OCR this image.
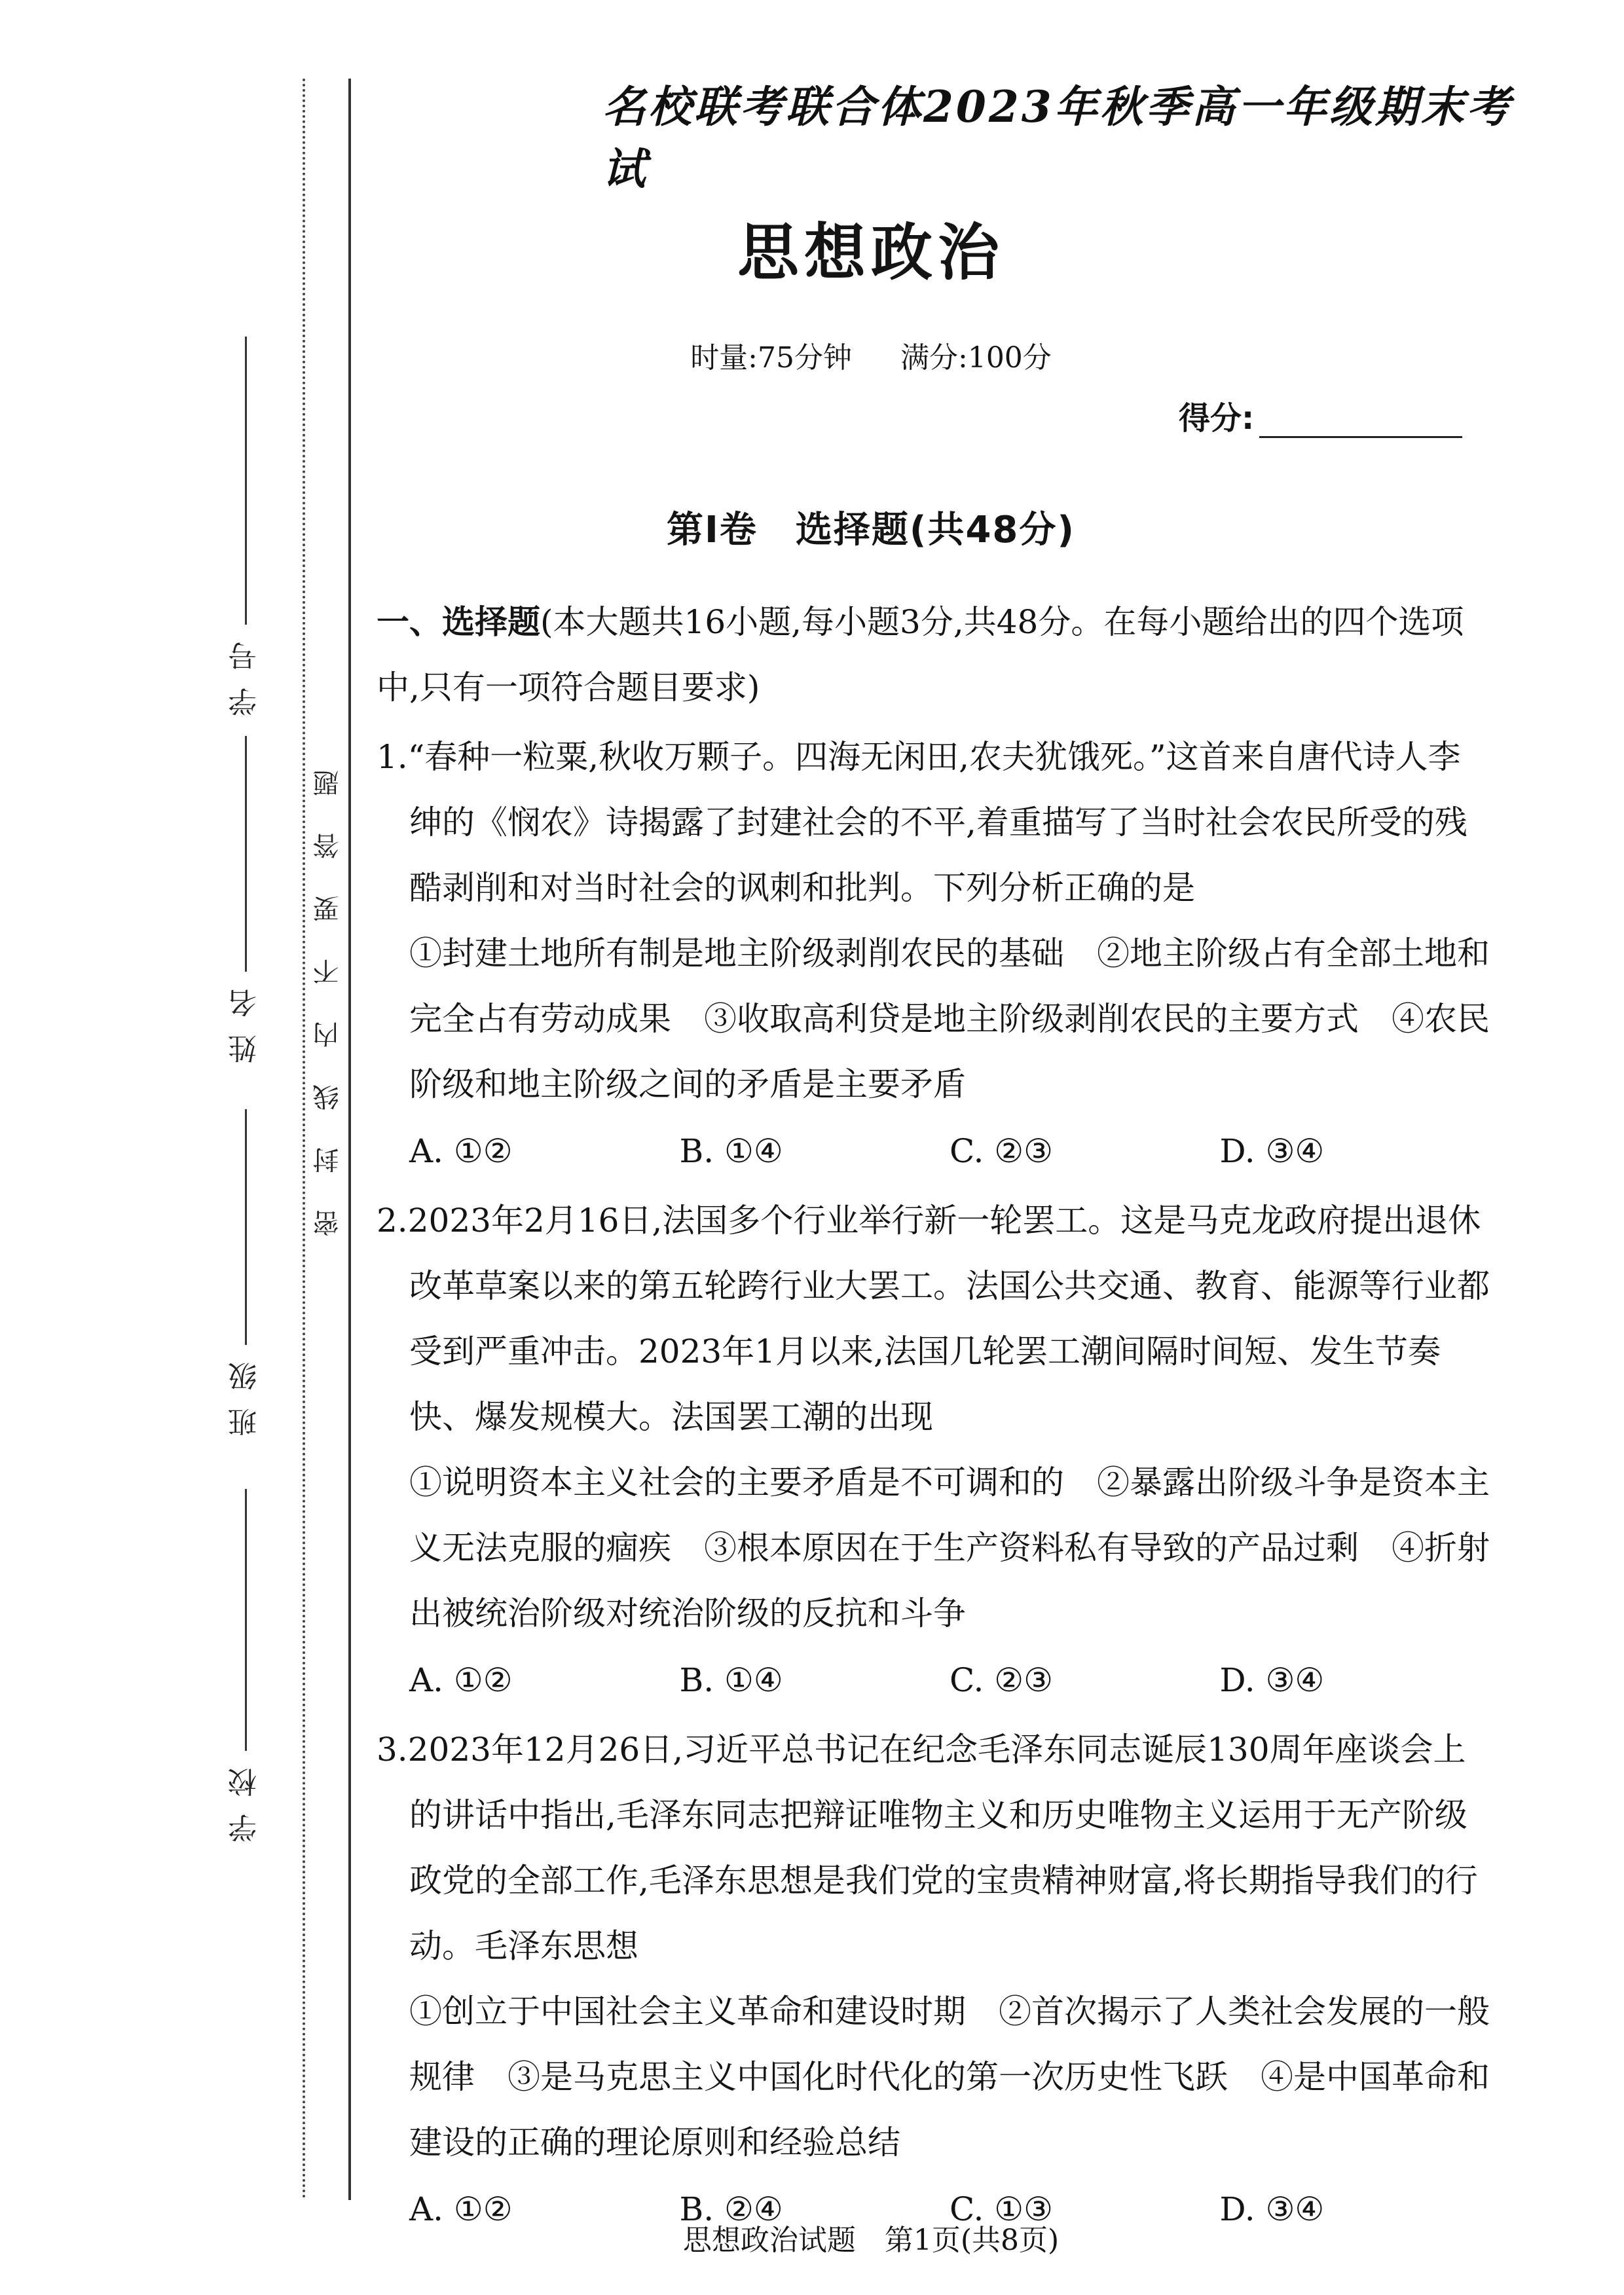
学号
姓名
班级
学校
题
答
要
不
内
线
封
密
名校联考联合体2023年秋季高一年级期末考试
思想政治
时量:75分钟 满分:100分
得分:
第Ⅰ卷　选择题(共48分)
一、选择题(本大题共16小题,每小题3分,共48分。在每小题给出的四个选项中,只有一项符合题目要求)
1.“春种一粒粟,秋收万颗子。四海无闲田,农夫犹饿死。”这首来自唐代诗人李绅的《悯农》诗揭露了封建社会的不平,着重描写了当时社会农民所受的残酷剥削和对当时社会的讽刺和批判。下列分析正确的是
①封建土地所有制是地主阶级剥削农民的基础　②地主阶级占有全部土地和完全占有劳动成果　③收取高利贷是地主阶级剥削农民的主要方式　④农民阶级和地主阶级之间的矛盾是主要矛盾
A. ①②	B. ①④	C. ②③	D. ③④
2.2023年2月16日,法国多个行业举行新一轮罢工。这是马克龙政府提出退休改革草案以来的第五轮跨行业大罢工。法国公共交通、教育、能源等行业都受到严重冲击。2023年1月以来,法国几轮罢工潮间隔时间短、发生节奏快、爆发规模大。法国罢工潮的出现
①说明资本主义社会的主要矛盾是不可调和的　②暴露出阶级斗争是资本主义无法克服的痼疾　③根本原因在于生产资料私有导致的产品过剩　④折射出被统治阶级对统治阶级的反抗和斗争
A. ①②	B. ①④	C. ②③	D. ③④
3.2023年12月26日,习近平总书记在纪念毛泽东同志诞辰130周年座谈会上的讲话中指出,毛泽东同志把辩证唯物主义和历史唯物主义运用于无产阶级政党的全部工作,毛泽东思想是我们党的宝贵精神财富,将长期指导我们的行动。毛泽东思想
①创立于中国社会主义革命和建设时期　②首次揭示了人类社会发展的一般规律　③是马克思主义中国化时代化的第一次历史性飞跃　④是中国革命和建设的正确的理论原则和经验总结
A. ①②	B. ②④	C. ①③	D. ③④
思想政治试题　第1页(共8页)
